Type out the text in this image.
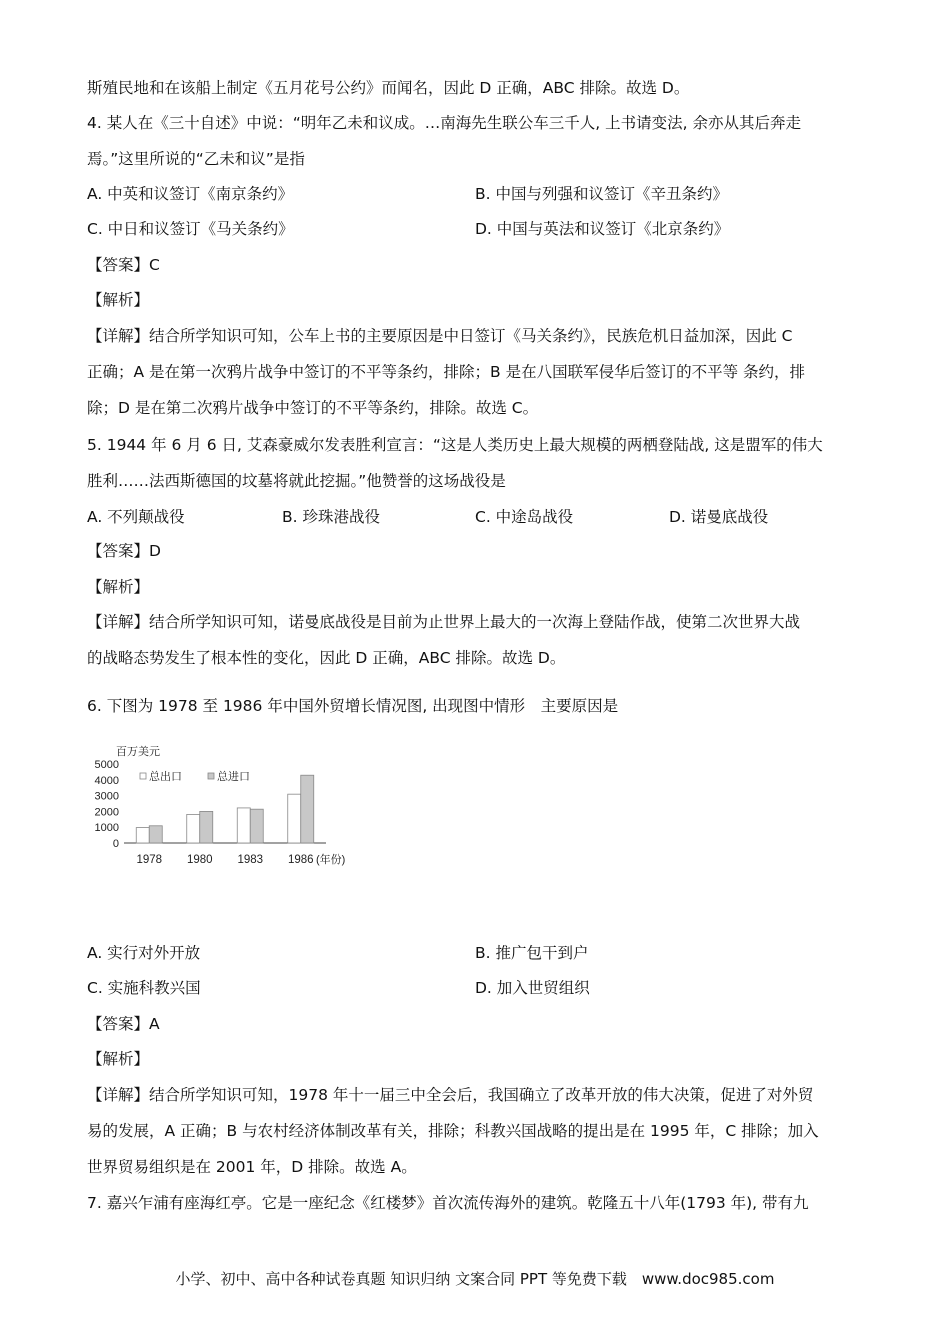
斯殖民地和在该船上制定《五月花号公约》而闻名，因此 D 正确，ABC 排除。故选 D。
4. 某人在《三十自述》中说：“明年乙未和议成。…南海先生联公车三千人, 上书请变法, 余亦从其后奔走
焉。”这里所说的“乙未和议”是指
A. 中英和议签订《南京条约》	B. 中国与列强和议签订《辛丑条约》
C. 中日和议签订《马关条约》	D. 中国与英法和议签订《北京条约》
【答案】C
【解析】
【详解】结合所学知识可知，公车上书的主要原因是中日签订《马关条约》，民族危机日益加深，因此 C
正确；A 是在第一次鸦片战争中签订的不平等条约，排除；B 是在八国联军侵华后签订的不平等 条约，排
除；D 是在第二次鸦片战争中签订的不平等条约，排除。故选 C。
5. 1944 年 6 月 6 日, 艾森豪威尔发表胜利宣言：“这是人类历史上最大规模的两栖登陆战, 这是盟军的伟大
胜利……法西斯德国的坟墓将就此挖掘。”他赞誉的这场战役是
A. 不列颠战役	B. 珍珠港战役	C. 中途岛战役	D. 诺曼底战役
【答案】D
【解析】
【详解】结合所学知识可知，诺曼底战役是目前为止世界上最大的一次海上登陆作战，使第二次世界大战
的战略态势发生了根本性的变化，因此 D 正确，ABC 排除。故选 D。
6. 下图为 1978 至 1986 年中国外贸增长情况图, 出现图中情形　主要原因是
百万美元
0
1000
2000
3000
4000
5000
1978 1980 1983 1986 (年份)
总出口	总进口
A. 实行对外开放	B. 推广包干到户
C. 实施科教兴国	D. 加入世贸组织
【答案】A
【解析】
【详解】结合所学知识可知，1978 年十一届三中全会后，我国确立了改革开放的伟大决策，促进了对外贸
易的发展，A 正确；B 与农村经济体制改革有关，排除；科教兴国战略的提出是在 1995 年，C 排除；加入
世界贸易组织是在 2001 年，D 排除。故选 A。
7. 嘉兴乍浦有座海红亭。它是一座纪念《红楼梦》首次流传海外的建筑。乾隆五十八年(1793 年), 带有九
小学、初中、高中各种试卷真题 知识归纳 文案合同 PPT 等免费下载　www.doc985.com
